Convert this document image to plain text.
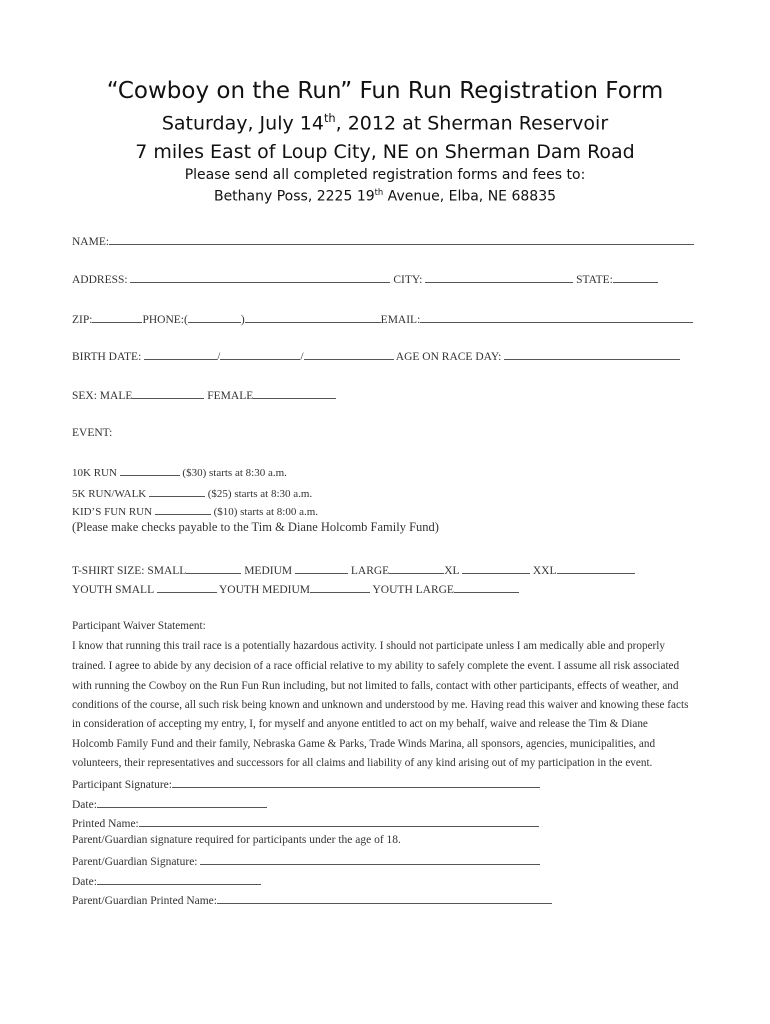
“Cowboy on the Run” Fun Run Registration Form
Saturday, July 14th, 2012 at Sherman Reservoir
7 miles East of Loup City, NE on Sherman Dam Road
Please send all completed registration forms and fees to:
Bethany Poss, 2225 19th Avenue, Elba, NE 68835
NAME:
ADDRESS:	CITY:	STATE:
ZIP:	PHONE:(	)	EMAIL:
BIRTH DATE:	/	/	AGE ON RACE DAY:
SEX: MALE	FEMALE
EVENT:
10K RUN	($30) starts at 8:30 a.m.
5K RUN/WALK	($25) starts at 8:30 a.m.
KID’S FUN RUN	($10) starts at 8:00 a.m.
(Please make checks payable to the Tim & Diane Holcomb Family Fund)
T-SHIRT SIZE: SMALL	MEDIUM	LARGE	XL	XXL
YOUTH SMALL	YOUTH MEDIUM	YOUTH LARGE
Participant Waiver Statement:
I know that running this trail race is a potentially hazardous activity. I should not participate unless I am medically able and properly
trained. I agree to abide by any decision of a race official relative to my ability to safely complete the event. I assume all risk associated
with running the Cowboy on the Run Fun Run including, but not limited to falls, contact with other participants, effects of weather, and
conditions of the course, all such risk being known and unknown and understood by me. Having read this waiver and knowing these facts
in consideration of accepting my entry, I, for myself and anyone entitled to act on my behalf, waive and release the Tim & Diane
Holcomb Family Fund and their family, Nebraska Game & Parks, Trade Winds Marina, all sponsors, agencies, municipalities, and
volunteers, their representatives and successors for all claims and liability of any kind arising out of my participation in the event.
Participant Signature:
Date:
Printed Name:
Parent/Guardian signature required for participants under the age of 18.
Parent/Guardian Signature:
Date:
Parent/Guardian Printed Name:
